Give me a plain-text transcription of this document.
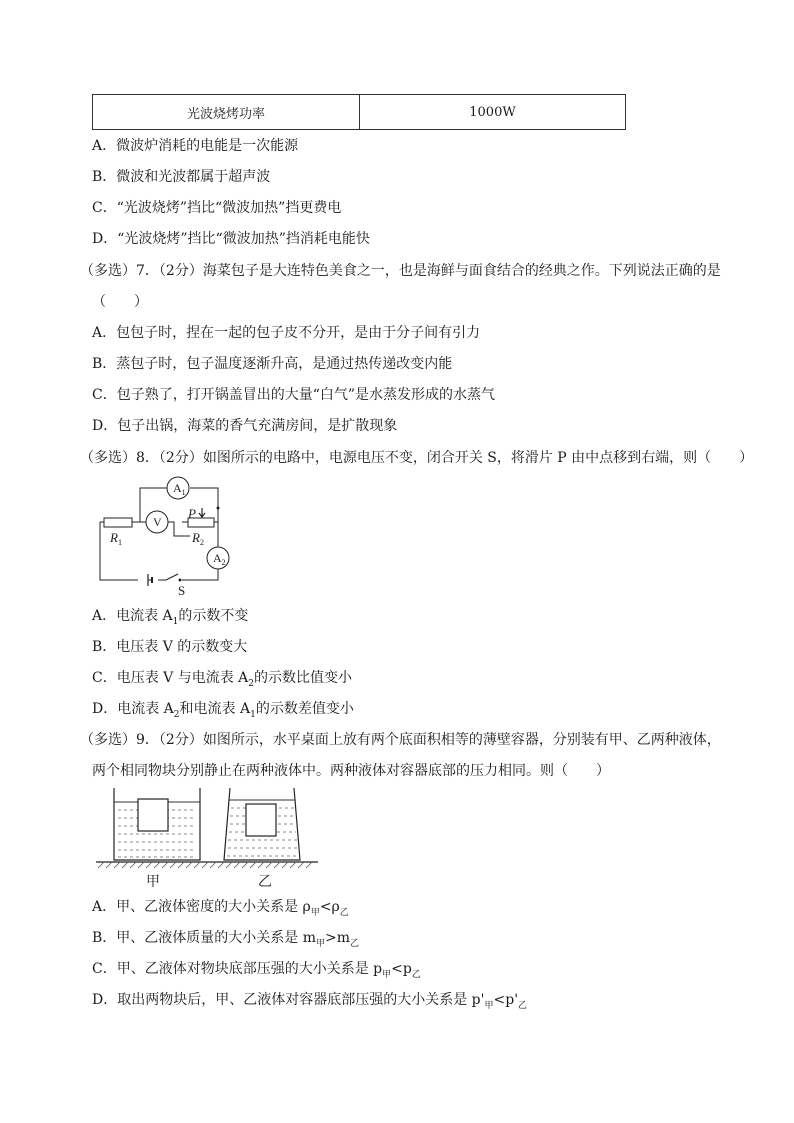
光波烧烤功率	1000W
A．微波炉消耗的电能是一次能源
B．微波和光波都属于超声波
C．“光波烧烤”挡比“微波加热”挡更费电
D．“光波烧烤”挡比“微波加热”挡消耗电能快
（多选）7．（2分）海菜包子是大连特色美食之一，也是海鲜与面食结合的经典之作。下列说法正确的是
（　　）
A．包包子时，捏在一起的包子皮不分开，是由于分子间有引力
B．蒸包子时，包子温度逐渐升高，是通过热传递改变内能
C．包子熟了，打开锅盖冒出的大量“白气”是水蒸发形成的水蒸气
D．包子出锅，海菜的香气充满房间，是扩散现象
（多选）8．（2分）如图所示的电路中，电源电压不变，闭合开关 S，将滑片 P 由中点移到右端，则（　　）
$A_1$
V
$A_2$
$R_1$	$R_2$
P
S
A．电流表 $A_1$的示数不变
B．电压表 V 的示数变大
C．电压表 V 与电流表 $A_2$的示数比值变小
D．电流表 $A_2$和电流表 $A_1$的示数差值变小
（多选）9．（2分）如图所示，水平桌面上放有两个底面积相等的薄壁容器，分别装有甲、乙两种液体，
两个相同物块分别静止在两种液体中。两种液体对容器底部的压力相同。则（　　）
甲	乙
A．甲、乙液体密度的大小关系是 $\rho_甲<\rho_乙$
B．甲、乙液体质量的大小关系是 $m_甲>m_乙$
C．甲、乙液体对物块底部压强的大小关系是 $p_甲<p_乙$
D．取出两物块后，甲、乙液体对容器底部压强的大小关系是 $p'_甲<p'_乙$
